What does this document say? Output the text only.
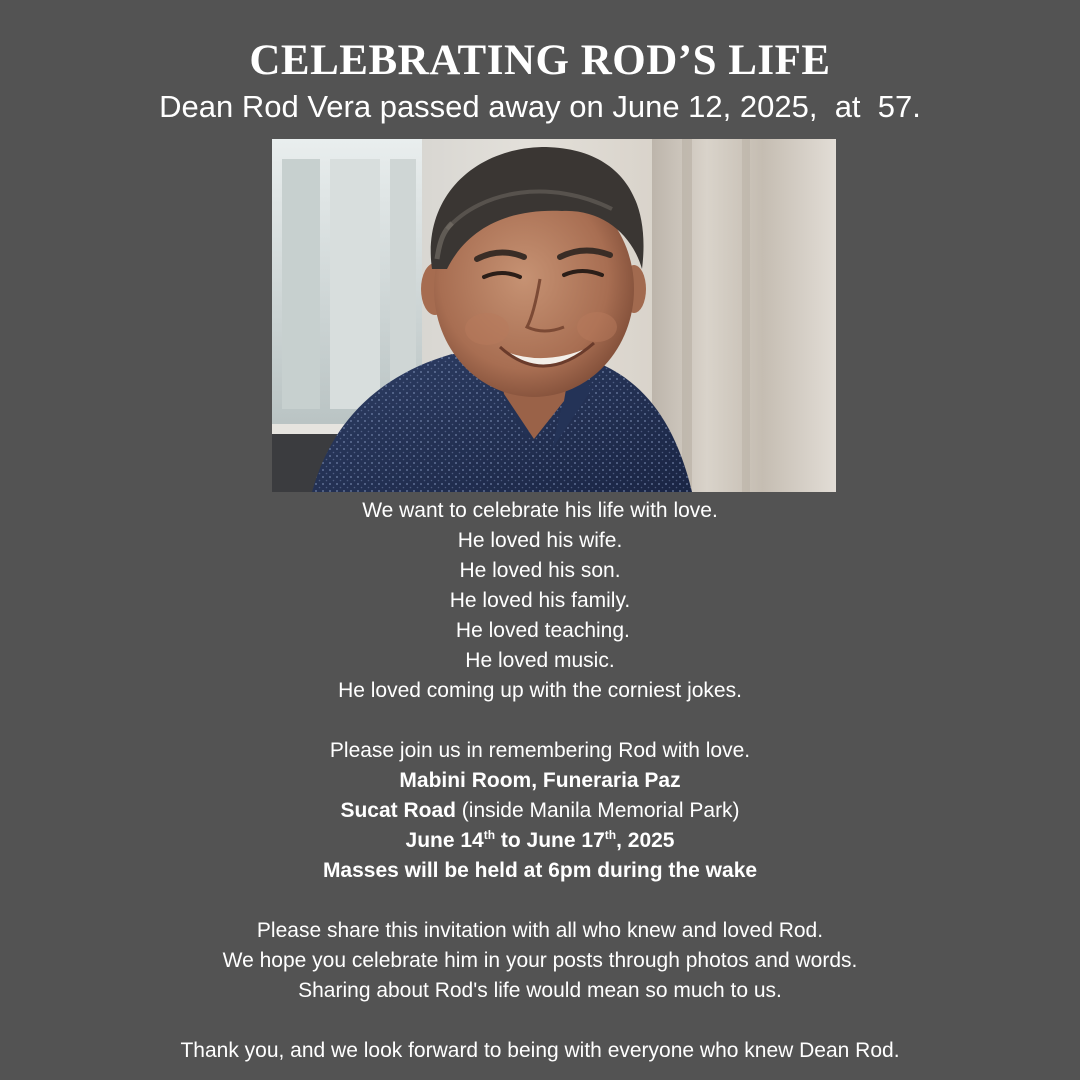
CELEBRATING ROD’S LIFE

Dean Rod Vera passed away on June 12, 2025,  at  57.

We want to celebrate his life with love.

He loved his wife.

He loved his son.

He loved his family.

He loved teaching.

He loved music.

He loved coming up with the corniest jokes.

Please join us in remembering Rod with love.

Mabini Room, Funeraria Paz

Sucat Road (inside Manila Memorial Park)

June 14th to June 17th, 2025

Masses will be held at 6pm during the wake

Please share this invitation with all who knew and loved Rod.

We hope you celebrate him in your posts through photos and words.

Sharing about Rod's life would mean so much to us.

Thank you, and we look forward to being with everyone who knew Dean Rod.
